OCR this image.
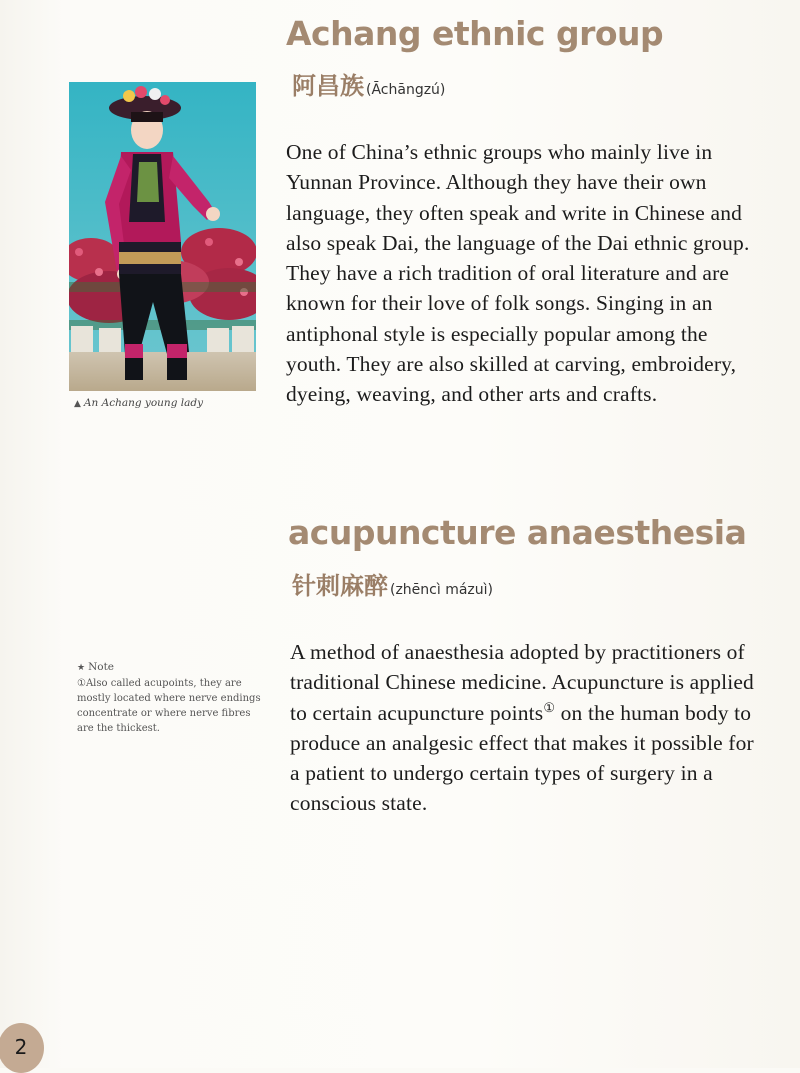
Achang ethnic group
阿昌族 (Āchāngzú)

One of China’s ethnic groups who mainly live in Yunnan Province. Although they have their own language, they often speak and write in Chinese and also speak Dai, the language of the Dai ethnic group. They have a rich tradition of oral literature and are known for their love of folk songs. Singing in an antiphonal style is especially popular among the youth. They are also skilled at carving, embroidery, dyeing, weaving, and other arts and crafts.

▲ An Achang young lady
acupuncture anaesthesia
针刺麻醉 (zhēncì mázuì)

A method of anaesthesia adopted by practitioners of traditional Chinese medicine. Acupuncture is applied to certain acupuncture points① on the human body to produce an analgesic effect that makes it possible for a patient to undergo certain types of surgery in a conscious state.

★ Note
①Also called acupoints, they are mostly located where nerve endings concentrate or where nerve fibres are the thickest.
2
